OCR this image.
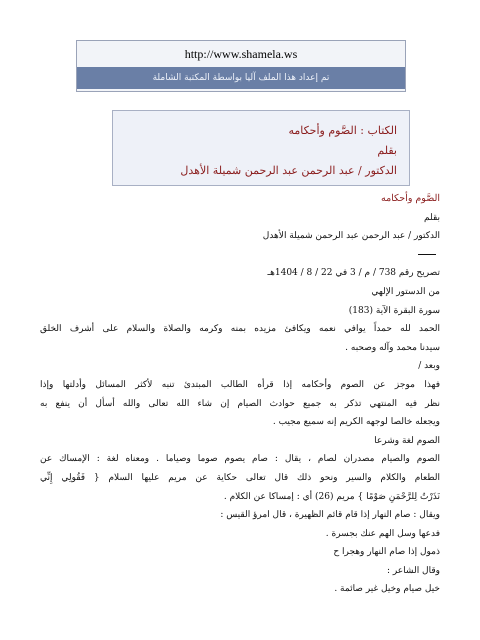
http://www.shamela.ws
تم إعداد هذا الملف آليا بواسطة المكتبة الشاملة
الكتاب : الصَّوم وأحكامه
بقلم
الدكتور / عبد الرحمن عبد الرحمن شميلة الأهدل
الصَّوم وأحكامه
بقلم
الدكتور / عبد الرحمن عبد الرحمن شميلة الأهدل
تصريح رقم 738 / م / 3 في 22 / 8 / 1404هـ
من الدستور الإلهي
سورة البقرة الآية (183)
الحمد لله حمداً يوافي نعمه ويكافئ مزيده بمنه وكرمه والصلاة والسلام على أشرف الخلق
سيدنا محمد وآله وصحبه .
وبعد /
فهذا موجز عن الصوم وأحكامه إذا قرأه الطالب المبتدئ تنبه لأكثر المسائل وأدلتها وإذا
نظر فيه المنتهي تذكر به جميع حوادث الصيام إن شاء الله تعالى والله أسأل أن ينفع به
ويجعله خالصا لوجهه الكريم إنه سميع مجيب .
الصوم لغة وشرعا
الصوم والصيام مصدران لصام ، يقال : صام يصوم صوما وصياما . ومعناه لغة : الإمساك عن
الطعام والكلام والسير ونحو ذلك قال تعالى حكاية عن مريم عليها السلام { فَقُولِي إِنِّي
نَذَرْتُ لِلرَّحْمَنِ صَوْمًا } مريم (26) أي : إمساكا عن الكلام .
ويقال : صام النهار إذا قام قائم الظهيرة ، قال امرؤ القيس :
فدعها وسل الهم عنك بجسرة .
ذمول إذا صام النهار وهجرا ح
وقال الشاعر :
خيل صيام وخيل غير صائمة .
